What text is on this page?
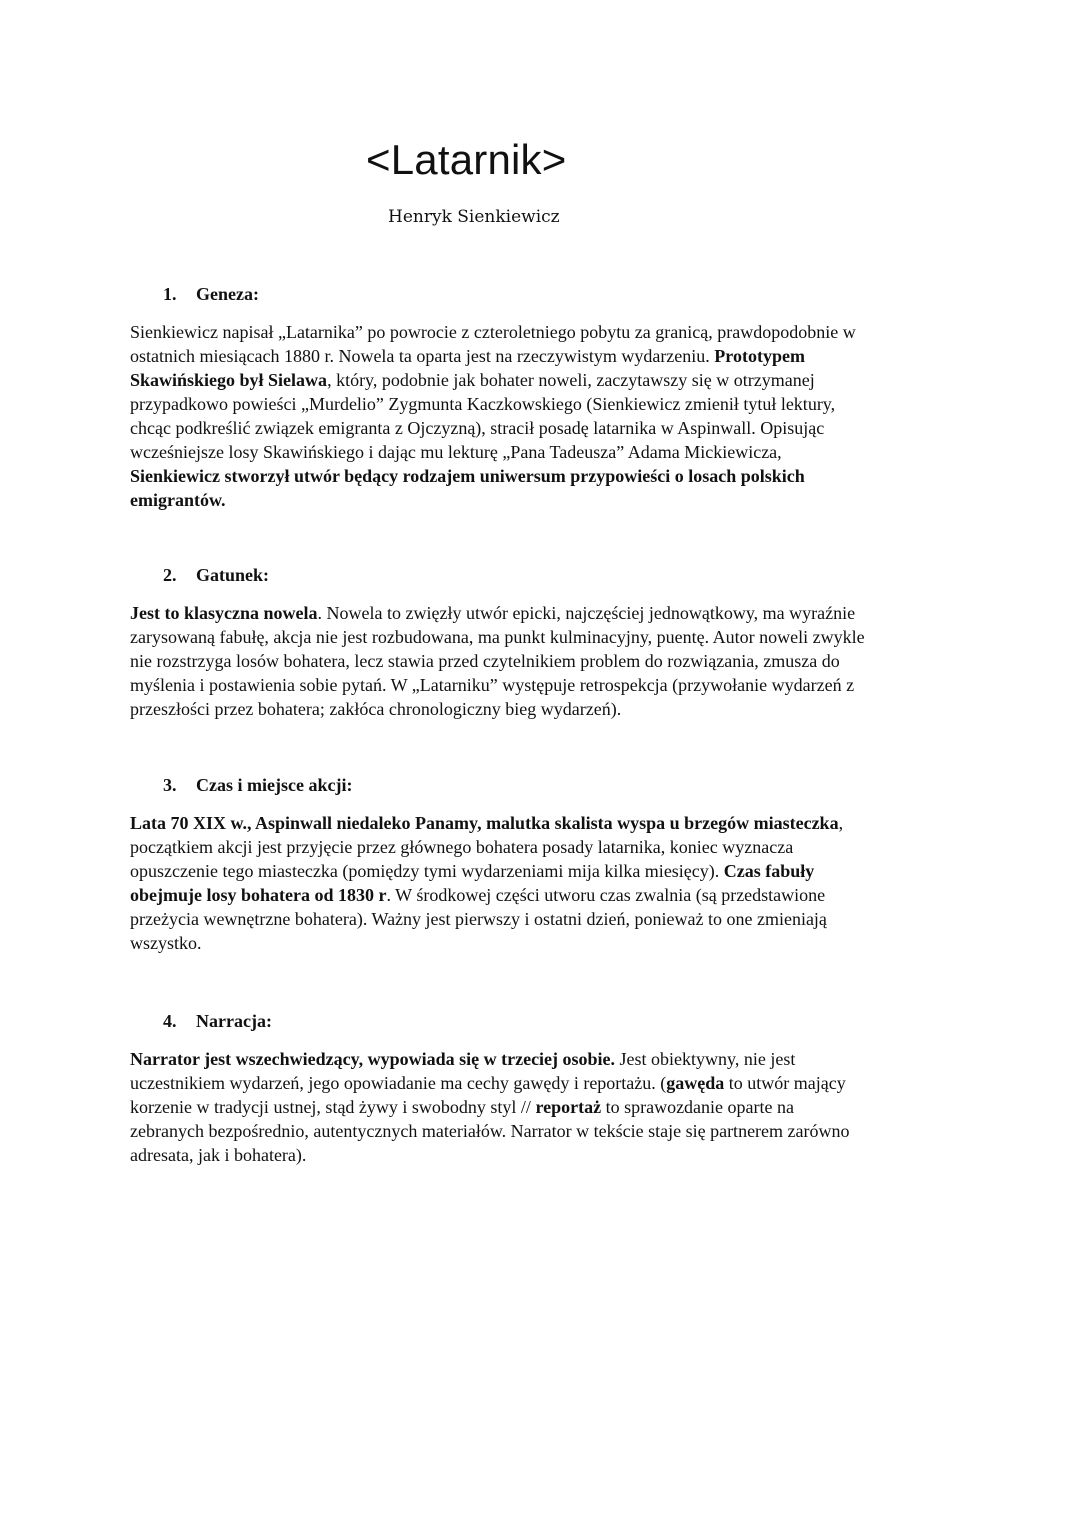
<Latarnik>

Henryk Sienkiewicz

1. Geneza:
Sienkiewicz napisał „Latarnika” po powrocie z czteroletniego pobytu za granicą, prawdopodobnie w
ostatnich miesiącach 1880 r. Nowela ta oparta jest na rzeczywistym wydarzeniu. Prototypem
Skawińskiego był Sielawa, który, podobnie jak bohater noweli, zaczytawszy się w otrzymanej
przypadkowo powieści „Murdelio” Zygmunta Kaczkowskiego (Sienkiewicz zmienił tytuł lektury,
chcąc podkreślić związek emigranta z Ojczyzną), stracił posadę latarnika w Aspinwall. Opisując
wcześniejsze losy Skawińskiego i dając mu lekturę „Pana Tadeusza” Adama Mickiewicza,
Sienkiewicz stworzył utwór będący rodzajem uniwersum przypowieści o losach polskich
emigrantów.
2. Gatunek:
Jest to klasyczna nowela. Nowela to zwięzły utwór epicki, najczęściej jednowątkowy, ma wyraźnie
zarysowaną fabułę, akcja nie jest rozbudowana, ma punkt kulminacyjny, puentę. Autor noweli zwykle
nie rozstrzyga losów bohatera, lecz stawia przed czytelnikiem problem do rozwiązania, zmusza do
myślenia i postawienia sobie pytań. W „Latarniku” występuje retrospekcja (przywołanie wydarzeń z
przeszłości przez bohatera; zakłóca chronologiczny bieg wydarzeń).
3. Czas i miejsce akcji:
Lata 70 XIX w., Aspinwall niedaleko Panamy, malutka skalista wyspa u brzegów miasteczka,
początkiem akcji jest przyjęcie przez głównego bohatera posady latarnika, koniec wyznacza
opuszczenie tego miasteczka (pomiędzy tymi wydarzeniami mija kilka miesięcy). Czas fabuły
obejmuje losy bohatera od 1830 r. W środkowej części utworu czas zwalnia (są przedstawione
przeżycia wewnętrzne bohatera). Ważny jest pierwszy i ostatni dzień, ponieważ to one zmieniają
wszystko.
4. Narracja:
Narrator jest wszechwiedzący, wypowiada się w trzeciej osobie. Jest obiektywny, nie jest
uczestnikiem wydarzeń, jego opowiadanie ma cechy gawędy i reportażu. (gawęda to utwór mający
korzenie w tradycji ustnej, stąd żywy i swobodny styl // reportaż to sprawozdanie oparte na
zebranych bezpośrednio, autentycznych materiałów. Narrator w tekście staje się partnerem zarówno
adresata, jak i bohatera).
